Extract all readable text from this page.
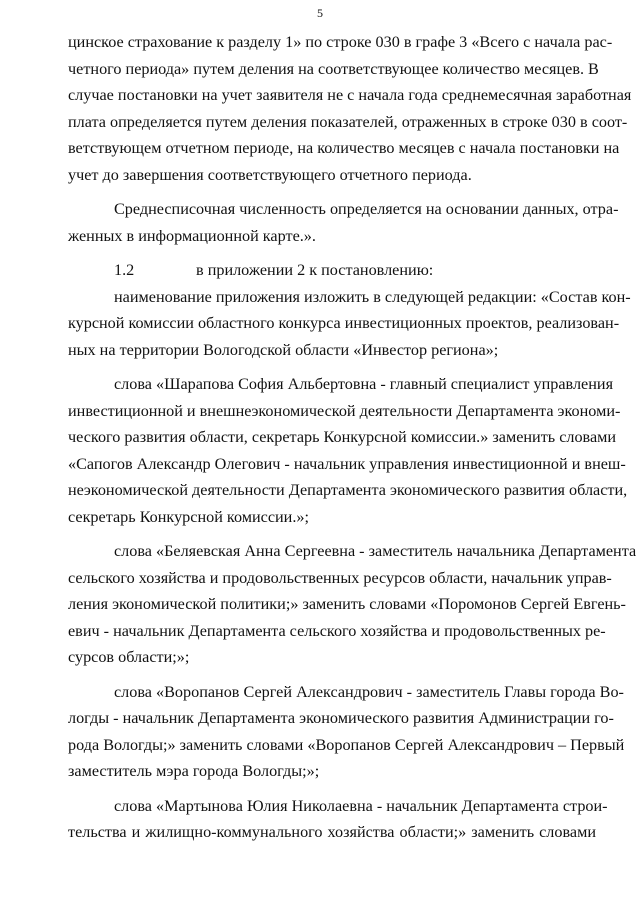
5
цинское страхование к разделу 1» по строке 030 в графе 3 «Всего с начала рас-
четного периода» путем деления на соответствующее количество месяцев. В
случае постановки на учет заявителя не с начала года среднемесячная заработная
плата определяется путем деления показателей, отраженных в строке 030 в соот-
ветствующем отчетном периоде, на количество месяцев с начала постановки на
учет до завершения соответствующего отчетного периода.
Среднесписочная численность определяется на основании данных, отра-
женных в информационной карте.».
1.2	в приложении 2 к постановлению:
наименование приложения изложить в следующей редакции: «Состав кон-
курсной комиссии областного конкурса инвестиционных проектов, реализован-
ных на территории Вологодской области «Инвестор региона»;
слова «Шарапова София Альбертовна - главный специалист управления
инвестиционной и внешнеэкономической деятельности Департамента экономи-
ческого развития области, секретарь Конкурсной комиссии.» заменить словами
«Сапогов Александр Олегович - начальник управления инвестиционной и внеш-
неэкономической деятельности Департамента экономического развития области,
секретарь Конкурсной комиссии.»;
слова «Беляевская Анна Сергеевна - заместитель начальника Департамента
сельского хозяйства и продовольственных ресурсов области, начальник управ-
ления экономической политики;» заменить словами «Поромонов Сергей Евгень-
евич - начальник Департамента сельского хозяйства и продовольственных ре-
сурсов области;»;
слова «Воропанов Сергей Александрович - заместитель Главы города Во-
логды - начальник Департамента экономического развития Администрации го-
рода Вологды;» заменить словами «Воропанов Сергей Александрович – Первый
заместитель мэра города Вологды;»;
слова «Мартынова Юлия Николаевна - начальник Департамента строи-
тельства и жилищно-коммунального хозяйства области;» заменить словами
